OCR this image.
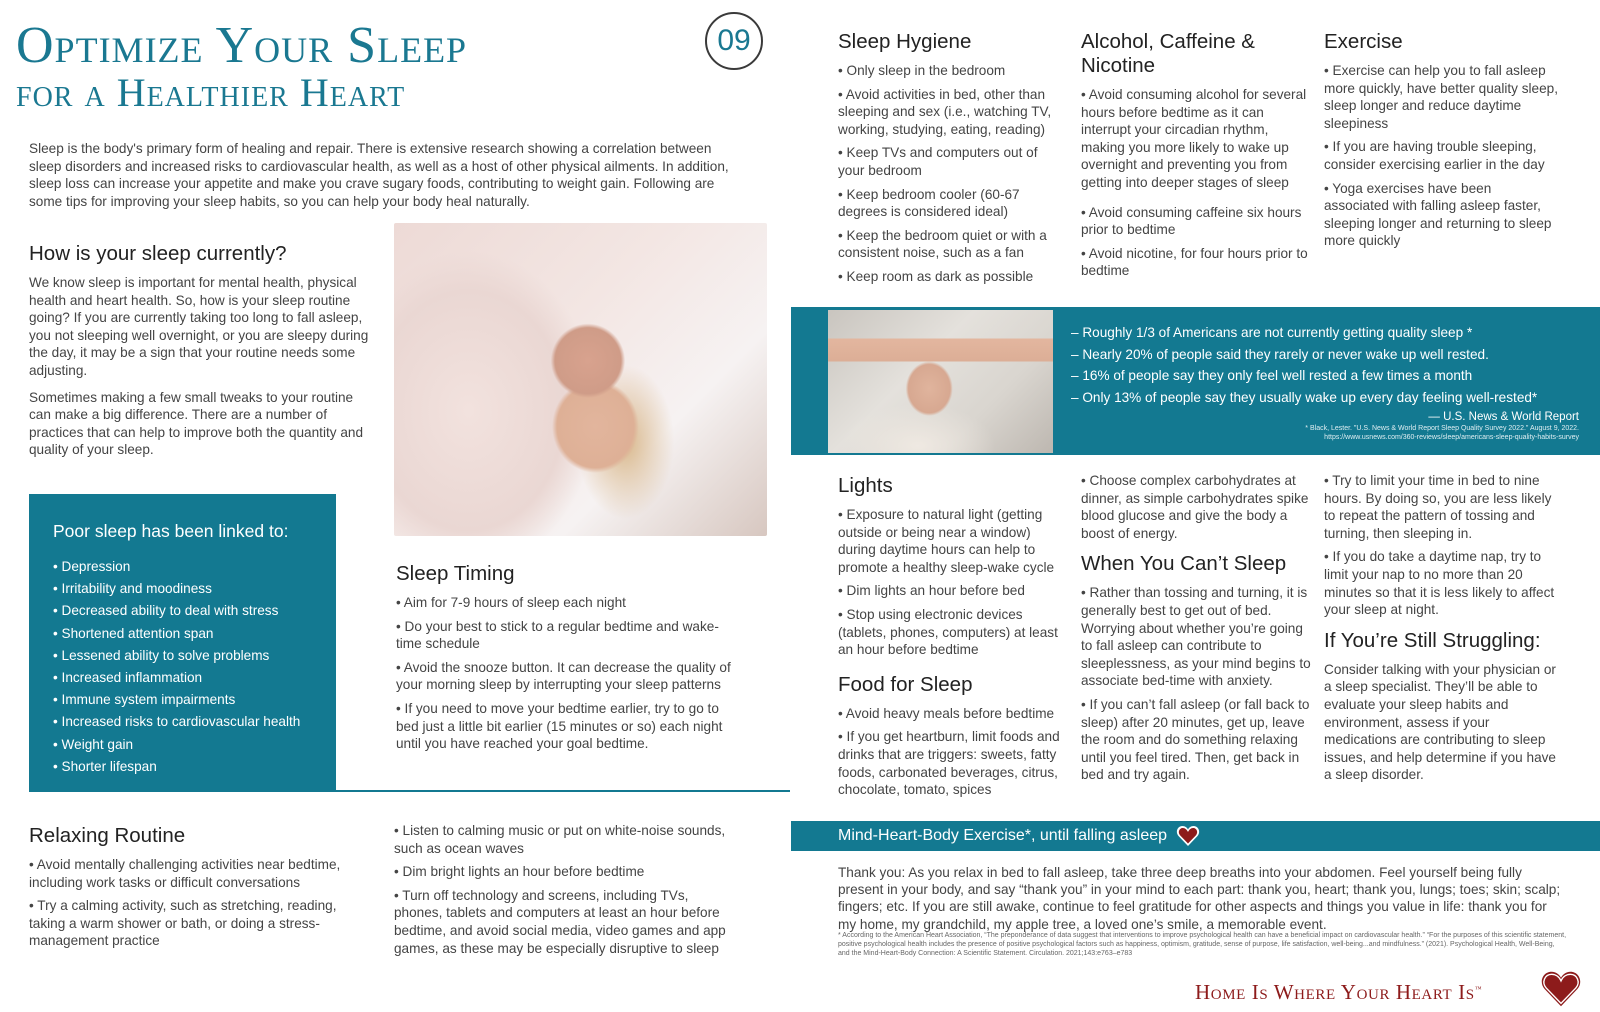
Optimize Your Sleep
for a Healthier Heart
09

Sleep is the body's primary form of healing and repair. There is extensive research showing a correlation between sleep disorders and increased risks to cardiovascular health, as well as a host of other physical ailments. In addition, sleep loss can increase your appetite and make you crave sugary foods, contributing to weight gain. Following are some tips for improving your sleep habits, so you can help your body heal naturally.

How is your sleep currently?

We know sleep is important for mental health, physical health and heart health. So, how is your sleep routine going? If you are currently taking too long to fall asleep, you not sleeping well overnight, or you are sleepy during the day, it may be a sign that your routine needs some adjusting.

Sometimes making a few small tweaks to your routine can make a big difference. There are a number of practices that can help to improve both the quantity and quality of your sleep.

Poor sleep has been linked to:
• Depression
• Irritability and moodiness
• Decreased ability to deal with stress
• Shortened attention span
• Lessened ability to solve problems
• Increased inflammation
• Immune system impairments
• Increased risks to cardiovascular health
• Weight gain
• Shorter lifespan
Sleep Timing
• Aim for 7-9 hours of sleep each night
• Do your best to stick to a regular bedtime and wake-time schedule
• Avoid the snooze button. It can decrease the quality of your morning sleep by interrupting your sleep patterns
• If you need to move your bedtime earlier, try to go to bed just a little bit earlier (15 minutes or so) each night until you have reached your goal bedtime.
Relaxing Routine
• Avoid mentally challenging activities near bedtime, including work tasks or difficult conversations
• Try a calming activity, such as stretching, reading, taking a warm shower or bath, or doing a stress-management practice
• Listen to calming music or put on white-noise sounds, such as ocean waves
• Dim bright lights an hour before bedtime
• Turn off technology and screens, including TVs, phones, tablets and computers at least an hour before bedtime, and avoid social media, video games and app games, as these may be especially disruptive to sleep
Sleep Hygiene
• Only sleep in the bedroom
• Avoid activities in bed, other than sleeping and sex (i.e., watching TV, working, studying, eating, reading)
• Keep TVs and computers out of your bedroom
• Keep bedroom cooler (60-67 degrees is considered ideal)
• Keep the bedroom quiet or with a consistent noise, such as a fan
• Keep room as dark as possible
Alcohol, Caffeine & Nicotine
• Avoid consuming alcohol for several hours before bedtime as it can interrupt your circadian rhythm, making you more likely to wake up overnight and preventing you from getting into deeper stages of sleep
• Avoid consuming caffeine six hours prior to bedtime
• Avoid nicotine, for four hours prior to bedtime
Exercise
• Exercise can help you to fall asleep more quickly, have better quality sleep, sleep longer and reduce daytime sleepiness
• If you are having trouble sleeping, consider exercising earlier in the day
• Yoga exercises have been associated with falling asleep faster, sleeping longer and returning to sleep more quickly
– Roughly 1/3 of Americans are not currently getting quality sleep *
– Nearly 20% of people said they rarely or never wake up well rested.
– 16% of people say they only feel well rested a few times a month
– Only 13% of people say they usually wake up every day feeling well-rested*
— U.S. News & World Report
* Black, Lester. "U.S. News & World Report Sleep Quality Survey 2022." August 9, 2022.
https://www.usnews.com/360-reviews/sleep/americans-sleep-quality-habits-survey
Lights
• Exposure to natural light (getting outside or being near a window) during daytime hours can help to promote a healthy sleep-wake cycle
• Dim lights an hour before bed
• Stop using electronic devices (tablets, phones, computers) at least an hour before bedtime
Food for Sleep
• Avoid heavy meals before bedtime
• If you get heartburn, limit foods and drinks that are triggers: sweets, fatty foods, carbonated beverages, citrus, chocolate, tomato, spices
• Choose complex carbohydrates at dinner, as simple carbohydrates spike blood glucose and give the body a boost of energy.
When You Can’t Sleep
• Rather than tossing and turning, it is generally best to get out of bed. Worrying about whether you’re going to fall asleep can contribute to sleeplessness, as your mind begins to associate bed-time with anxiety.
• If you can’t fall asleep (or fall back to sleep) after 20 minutes, get up, leave the room and do something relaxing until you feel tired. Then, get back in bed and try again.
• Try to limit your time in bed to nine hours. By doing so, you are less likely to repeat the pattern of tossing and turning, then sleeping in.
• If you do take a daytime nap, try to limit your nap to no more than 20 minutes so that it is less likely to affect your sleep at night.
If You’re Still Struggling:

Consider talking with your physician or a sleep specialist. They’ll be able to evaluate your sleep habits and environment, assess if your medications are contributing to sleep issues, and help determine if you have a sleep disorder.

Mind-Heart-Body Exercise*, until falling asleep

Thank you: As you relax in bed to fall asleep, take three deep breaths into your abdomen. Feel yourself being fully present in your body, and say “thank you” in your mind to each part: thank you, heart; thank you, lungs; toes; skin; scalp; fingers; etc. If you are still awake, continue to feel gratitude for other aspects and things you value in life: thank you for my home, my grandchild, my apple tree, a loved one’s smile, a memorable event.

* According to the American Heart Association, “The preponderance of data suggest that interventions to improve psychological health can have a beneficial impact on cardiovascular health.” “For the purposes of this scientific statement, positive psychological health includes the presence of positive psychological factors such as happiness, optimism, gratitude, sense of purpose, life satisfaction, well-being...and mindfulness.” (2021). Psychological Health, Well-Being, and the Mind-Heart-Body Connection: A Scientific Statement. Circulation. 2021;143:e763–e783

Home Is Where Your Heart Is™
